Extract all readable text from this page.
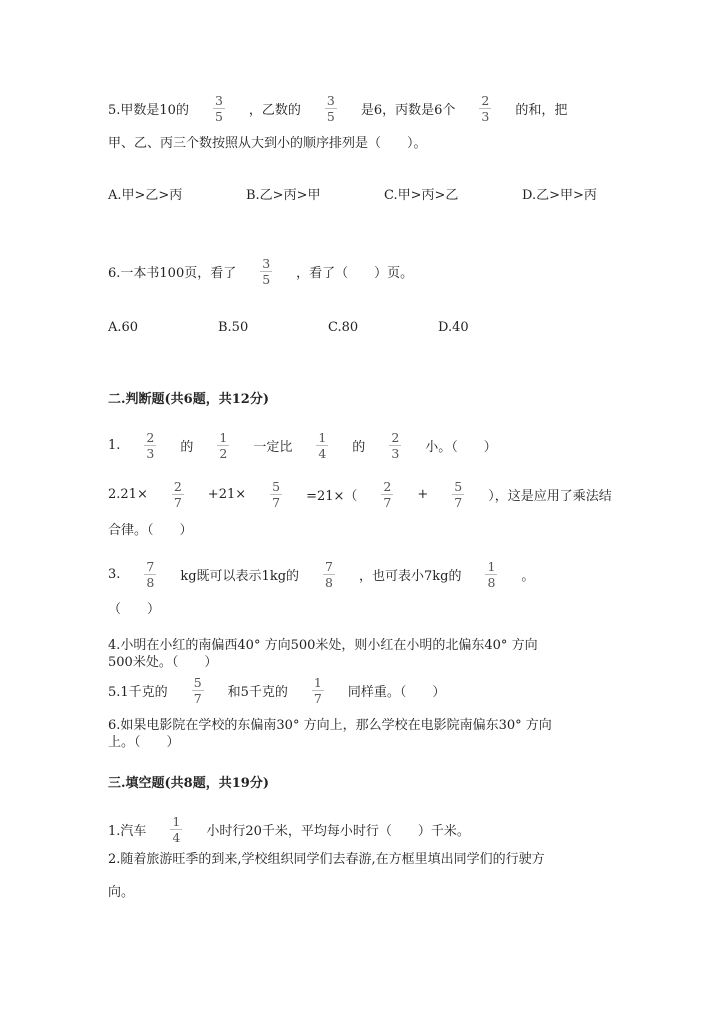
5.甲数是10的 $\frac{3}{5}$ ，乙数的 $\frac{3}{5}$ 是6，丙数是6个 $\frac{2}{3}$ 的和，把
甲、乙、丙三个数按照从大到小的顺序排列是（　　）。
A.甲>乙>丙	B.乙>丙>甲	C.甲>丙>乙	D.乙>甲>丙
6.一本书100页，看了 $\frac{3}{5}$ ，看了（　　）页。
A.60	B.50	C.80	D.40
二.判断题(共6题，共12分)
1. $\frac{2}{3}$ 的 $\frac{1}{2}$ 一定比 $\frac{1}{4}$ 的 $\frac{2}{3}$ 小。（　　）
$2.21\times \frac{2}{7} +21\times \frac{5}{7} =21\times( \frac{2}{7} + \frac{5}{7}$ ），这是应用了乘法结
合律。（　　）
3. $\frac{7}{8}$ kg既可以表示1kg的 $\frac{7}{8}$ ，也可表小7kg的 $\frac{1}{8}$ 。
（　　）
4.小明在小红的南偏西40° 方向500米处，则小红在小明的北偏东40° 方向
500米处。（　　）
5.1千克的 $\frac{5}{7}$ 和5千克的 $\frac{1}{7}$ 同样重。（　　）
6.如果电影院在学校的东偏南30° 方向上，那么学校在电影院南偏东30° 方向
上。（　　）
三.填空题(共8题，共19分)
1.汽车 $\frac{1}{4}$ 小时行20千米，平均每小时行（　　）千米。
2.随着旅游旺季的到来,学校组织同学们去春游,在方框里填出同学们的行驶方
向。
